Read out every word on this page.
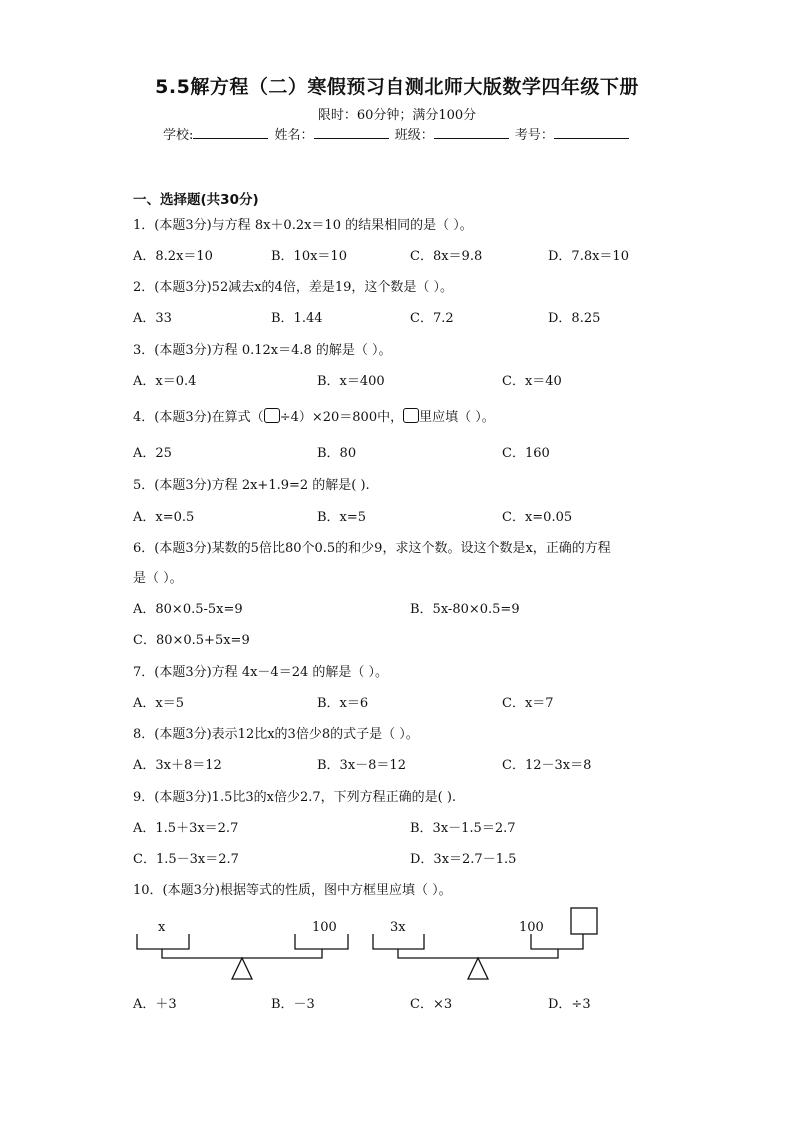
5.5解方程（二）寒假预习自测北师大版数学四年级下册
限时：60分钟；满分100分
学校:	姓名：	班级：	考号：
一、选择题(共30分)
1．(本题3分)与方程 8x＋0.2x＝10 的结果相同的是（ ）。
A．8.2x＝10	B．10x＝10	C．8x＝9.8	D．7.8x＝10
2．(本题3分)52减去x的4倍，差是19，这个数是（ ）。
A．33	B．1.44	C．7.2	D．8.25
3．(本题3分)方程 0.12x＝4.8 的解是（ ）。
A．x＝0.4	B．x＝400	C．x＝40
4．(本题3分)在算式（ ÷4）×20＝800中， 里应填（ ）。
A．25	B．80	C．160
5．(本题3分)方程 2x+1.9=2 的解是( ).
A．x=0.5	B．x=5	C．x=0.05
6．(本题3分)某数的5倍比80个0.5的和少9，求这个数。设这个数是x，正确的方程
是（ ）。
A．80×0.5-5x=9	B．5x-80×0.5=9
C．80×0.5+5x=9
7．(本题3分)方程 4x－4＝24 的解是（ ）。
A．x＝5	B．x＝6	C．x＝7
8．(本题3分)表示12比x的3倍少8的式子是（ ）。
A．3x＋8＝12	B．3x－8＝12	C．12－3x＝8
9．(本题3分)1.5比3的x倍少2.7，下列方程正确的是( ).
A．1.5＋3x＝2.7	B．3x－1.5＝2.7
C．1.5－3x＝2.7	D．3x＝2.7－1.5
10．(本题3分)根据等式的性质，图中方框里应填（ ）。
x	100	3x	100
A．＋3	B．－3	C．×3	D．÷3
